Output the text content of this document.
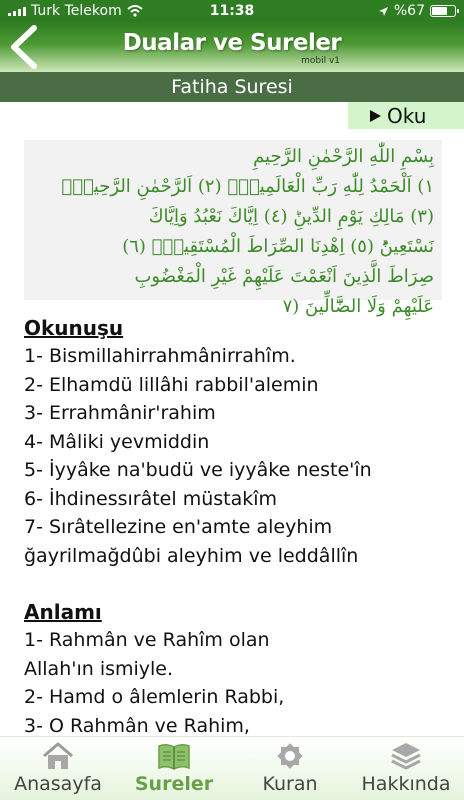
Turk Telekom	11:38	%67
Dualar ve Sureler
mobil v1
Fatiha Suresi
Oku
بِسْمِ اللّٰهِ الرَّحْمٰنِ الرَّحِيمِ
١) اَلْحَمْدُ لِلّٰهِ رَبِّ الْعَالَمِينَۙ (٢) اَلرَّحْمٰنِ الرَّحِيمِۙ
(٣) مَالِكِ يَوْمِ الدِّينِؕ (٤) اِيَّاكَ نَعْبُدُ وَاِيَّاكَ
نَسْتَعِينُؕ (٥) اِهْدِنَا الصِّرَاطَ الْمُسْتَقِيمَۙ (٦)
صِرَاطَ الَّذِينَ اَنْعَمْتَ عَلَيْهِمْ غَيْرِ الْمَغْضُوبِ
عَلَيْهِمْ وَلَا الضَّٓالِّينَ (٧
Okunuşu
1- Bismillahirrahmânirrahîm.
2- Elhamdü lillâhi rabbil'alemin
3- Errahmânir'rahim
4- Mâliki yevmiddin
5- İyyâke na'budü ve iyyâke neste'în
6- İhdinessırâtel müstakîm
7- Sırâtellezine en'amte aleyhim
ğayrilmağdûbi aleyhim ve leddâllîn
Anlamı
1- Rahmân ve Rahîm olan
Allah'ın ismiyle.
2- Hamd o âlemlerin Rabbi,
3- O Rahmân ve Rahim,
Anasayfa Sureler	Kuran Hakkında
